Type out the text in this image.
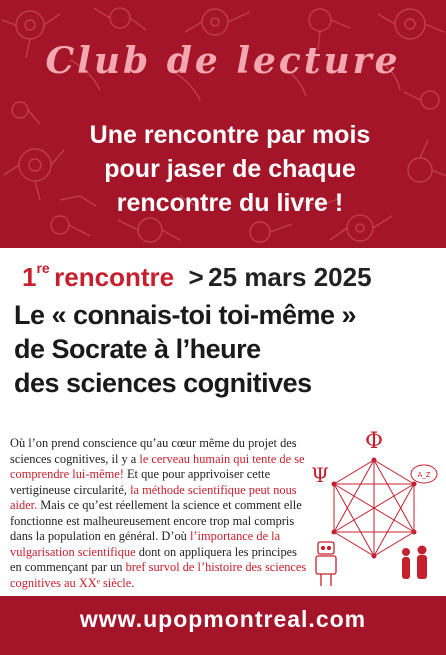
Club de lecture
Une rencontre par mois
pour jaser de chaque
rencontre du livre !
1re rencontre > 25 mars 2025
Le « connais-toi toi-même »
de Socrate à l’heure
des sciences cognitives
Où l’on prend conscience qu’au cœur même du projet des sciences cognitives, il y a le cerveau humain qui tente de se comprendre lui-même! Et que pour apprivoiser cette vertigineuse circularité, la méthode scientifique peut nous aider. Mais ce qu’est réellement la science et comment elle fonctionne est malheureusement encore trop mal compris dans la population en général. D’où l’importance de la vulgarisation scientifique dont on appliquera les principes en commençant par un bref survol de l’histoire des sciences cognitives au XXᵉ siècle.
Φ
Ψ	A_Z
www.upopmontreal.com
